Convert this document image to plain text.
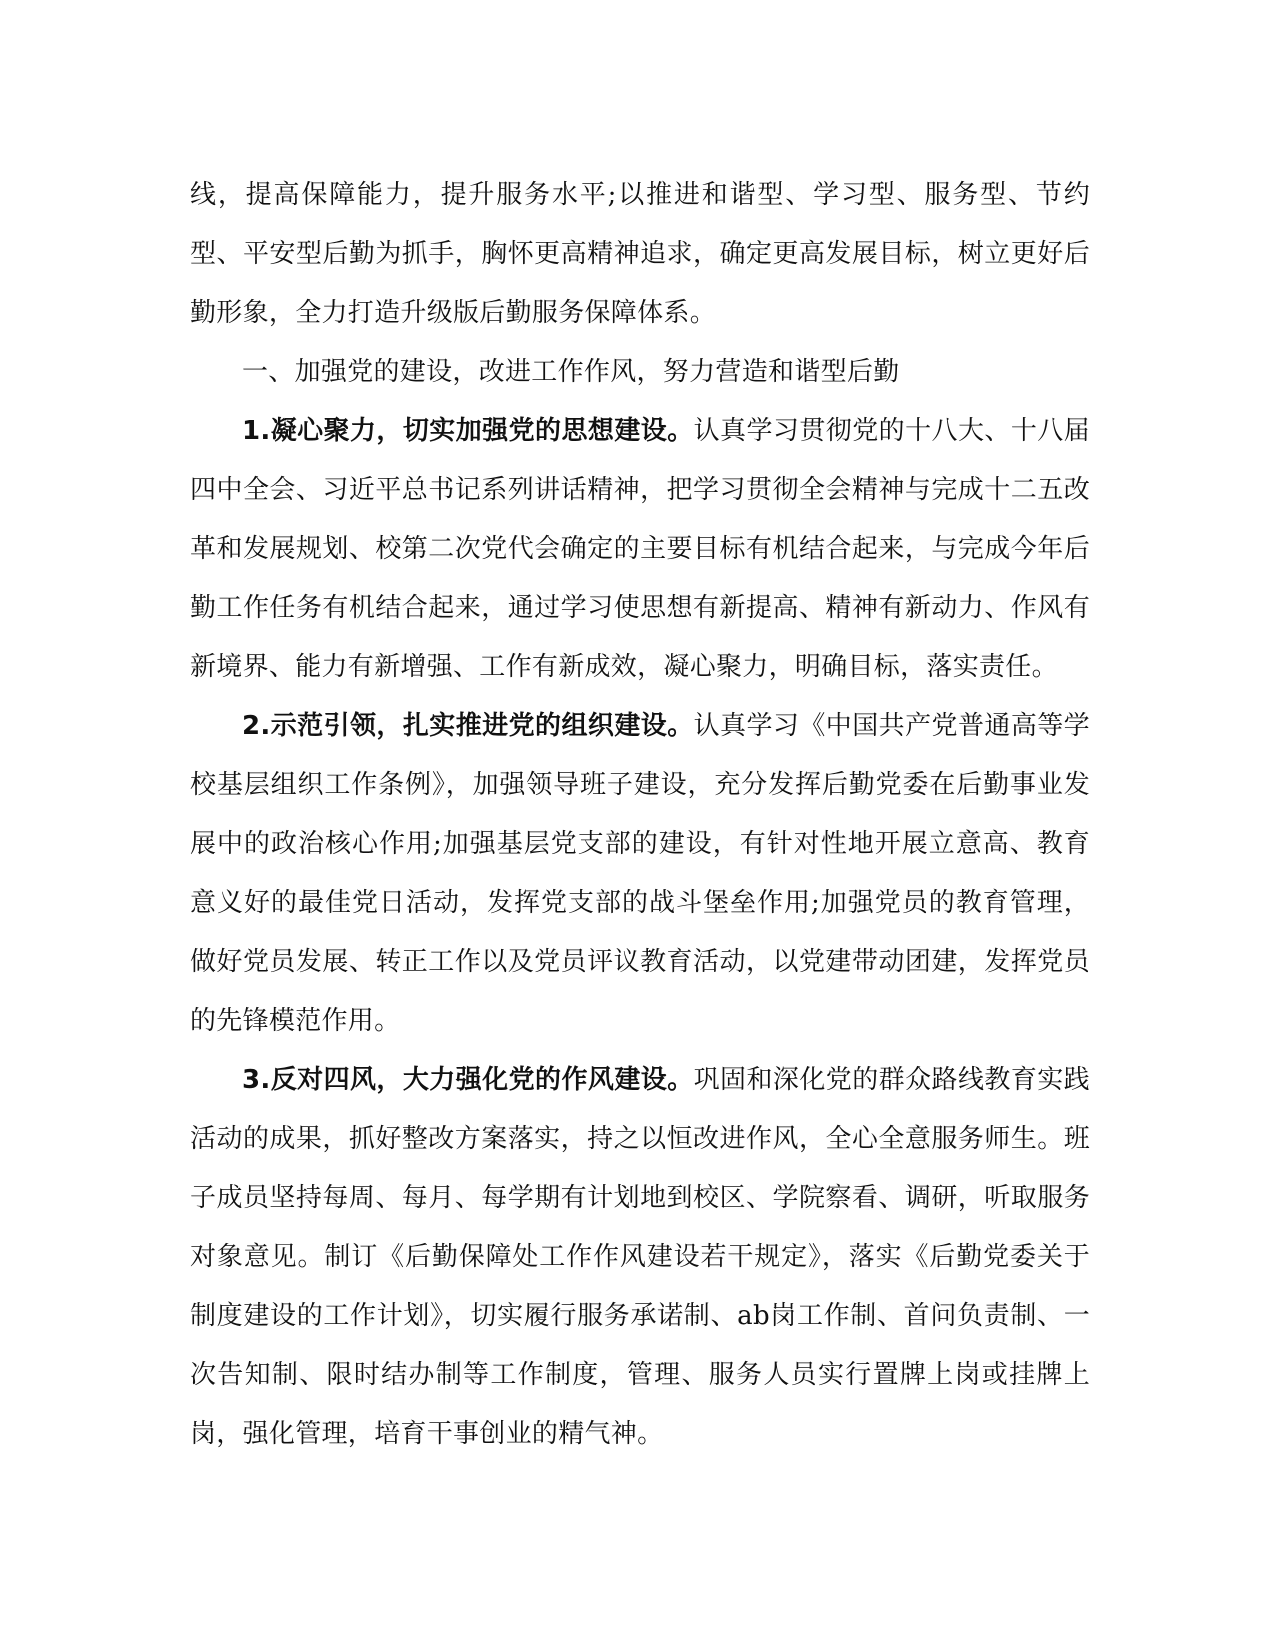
线，提高保障能力，提升服务水平;以推进和谐型、学习型、服务型、节约型、平安型后勤为抓手，胸怀更高精神追求，确定更高发展目标，树立更好后勤形象，全力打造升级版后勤服务保障体系。

一、加强党的建设，改进工作作风，努力营造和谐型后勤

1.凝心聚力，切实加强党的思想建设。认真学习贯彻党的十八大、十八届四中全会、习近平总书记系列讲话精神，把学习贯彻全会精神与完成十二五改革和发展规划、校第二次党代会确定的主要目标有机结合起来，与完成今年后勤工作任务有机结合起来，通过学习使思想有新提高、精神有新动力、作风有新境界、能力有新增强、工作有新成效，凝心聚力，明确目标，落实责任。

2.示范引领，扎实推进党的组织建设。认真学习《中国共产党普通高等学校基层组织工作条例》，加强领导班子建设，充分发挥后勤党委在后勤事业发展中的政治核心作用;加强基层党支部的建设，有针对性地开展立意高、教育意义好的最佳党日活动，发挥党支部的战斗堡垒作用;加强党员的教育管理，做好党员发展、转正工作以及党员评议教育活动，以党建带动团建，发挥党员的先锋模范作用。

3.反对四风，大力强化党的作风建设。巩固和深化党的群众路线教育实践活动的成果，抓好整改方案落实，持之以恒改进作风，全心全意服务师生。班子成员坚持每周、每月、每学期有计划地到校区、学院察看、调研，听取服务对象意见。制订《后勤保障处工作作风建设若干规定》，落实《后勤党委关于制度建设的工作计划》，切实履行服务承诺制、ab岗工作制、首问负责制、一次告知制、限时结办制等工作制度，管理、服务人员实行置牌上岗或挂牌上岗，强化管理，培育干事创业的精气神。
